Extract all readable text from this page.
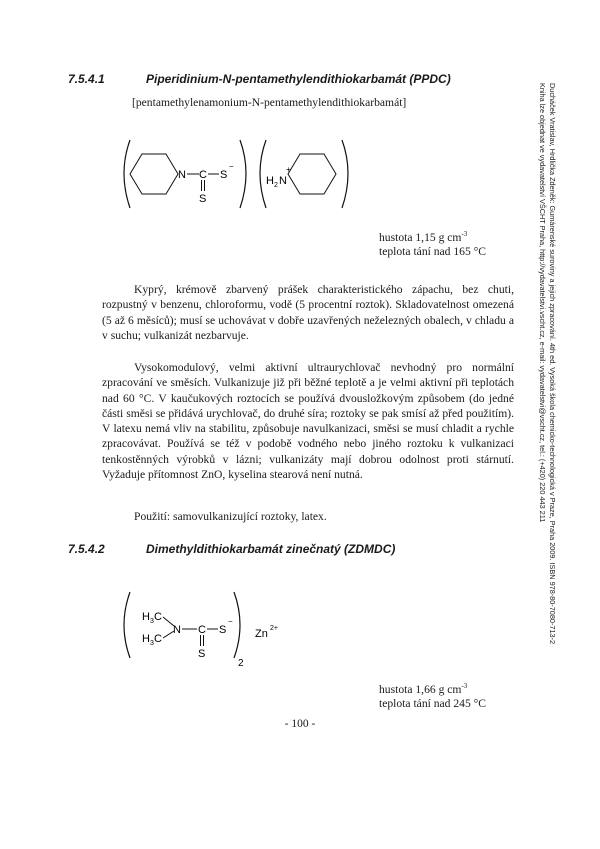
7.5.4.1	Piperidinium-N-pentamethylendithiokarbamát (PPDC)
[pentamethylenamonium-N-pentamethylendithiokarbamát]
N C S
−
S
H 2 N
+
hustota 1,15 g $cm^{-3}$
teplota tání nad 165 °C

Kyprý, krémově zbarvený prášek charakteristického zápachu, bez chuti, rozpustný v benzenu, chloroformu, vodě (5 procentní roztok). Skladovatelnost omezená (5 až 6 měsíců); musí se uchovávat v dobře uzavřených neželezných obalech, v chladu a v suchu; vulkanizát nezbarvuje.

Vysokomodulový, velmi aktivní ultraurychlovač nevhodný pro normální zpracování ve směsích. Vulkanizuje již při běžné teplotě a je velmi aktivní při teplotách nad 60 °C. V kaučukových roztocích se používá dvousložkovým způsobem (do jedné části směsi se přidává urychlovač, do druhé síra; roztoky se pak smísí až před použitím). V latexu nemá vliv na stabilitu, způsobuje navulkanizaci, směsi se musí chladit a rychle zpracovávat. Používá se též v podobě vodného nebo jiného roztoku k vulkanizaci tenkostěnných výrobků v lázni; vulkanizáty mají dobrou odolnost proti stárnutí. Vyžaduje přítomnost ZnO, kyselina stearová není nutná.

Použití: samovulkanizující roztoky, latex.

7.5.4.2	Dimethyldithiokarbamát zinečnatý (ZDMDC)
H 3 C
H 3 C
N C S
−
S
2
Zn 2+
hustota 1,66 g $cm^{-3}$
teplota tání nad 245 °C
- 100 -
Ducháček Vratislav, Hrdlička Zdeněk: Gumárenské suroviny a jejich zpracování. 4th ed. Vysoká škola chemicko-technologická v Praze, Praha 2009. ISBN 978-80-7080-713-2
Kniha lze objednat ve vydavatelství VŠCHT Praha, http://vydavatelstvi.vscht.cz, e-mail: vydavatelstvi@vscht.cz, tel.: (+420) 220 443 211
